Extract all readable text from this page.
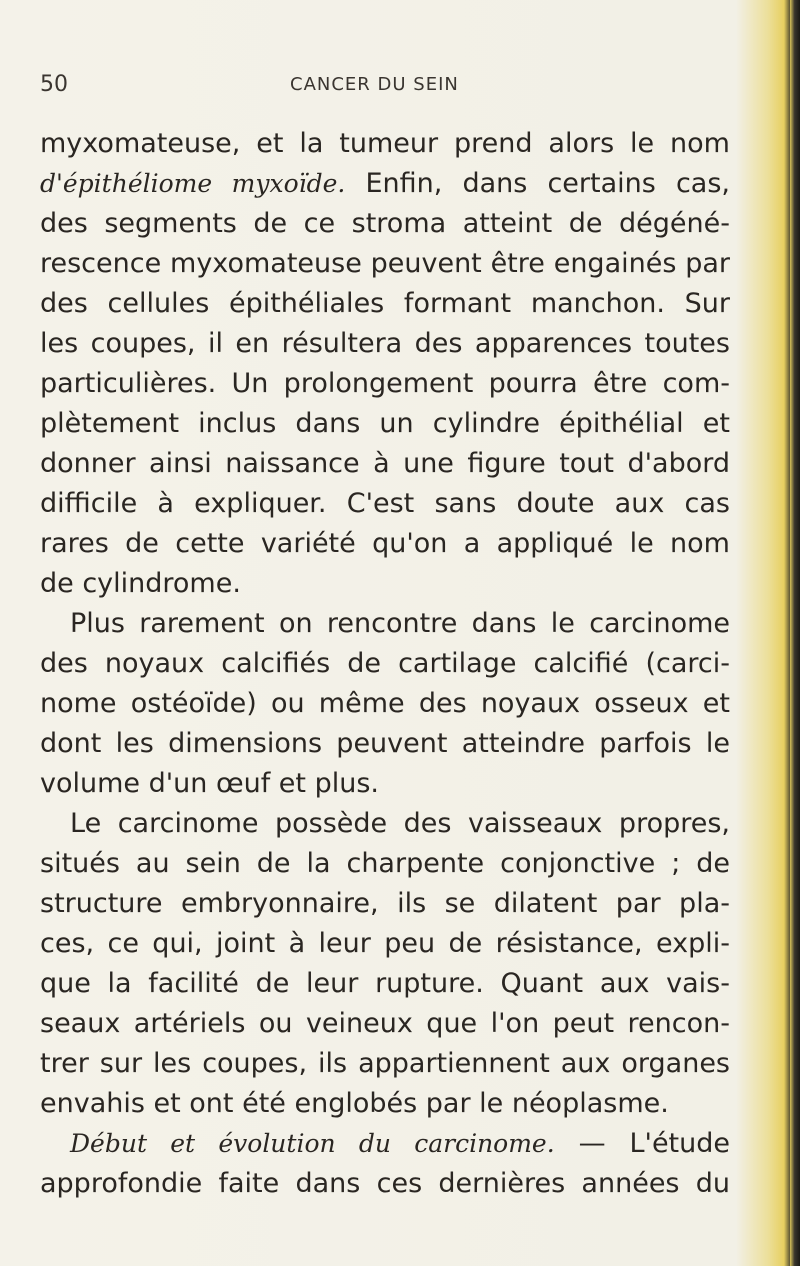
50	CANCER DU SEIN
myxomateuse, et la tumeur prend alors le nom
d'épithéliome myxoïde. Enfin, dans certains cas,
des segments de ce stroma atteint de dégéné-
rescence myxomateuse peuvent être engainés par
des cellules épithéliales formant manchon. Sur
les coupes, il en résultera des apparences toutes
particulières. Un prolongement pourra être com-
plètement inclus dans un cylindre épithélial et
donner ainsi naissance à une figure tout d'abord
difficile à expliquer. C'est sans doute aux cas
rares de cette variété qu'on a appliqué le nom
de cylindrome.
Plus rarement on rencontre dans le carcinome
des noyaux calcifiés de cartilage calcifié (carci-
nome ostéoïde) ou même des noyaux osseux et
dont les dimensions peuvent atteindre parfois le
volume d'un œuf et plus.
Le carcinome possède des vaisseaux propres,
situés au sein de la charpente conjonctive ; de
structure embryonnaire, ils se dilatent par pla-
ces, ce qui, joint à leur peu de résistance, expli-
que la facilité de leur rupture. Quant aux vais-
seaux artériels ou veineux que l'on peut rencon-
trer sur les coupes, ils appartiennent aux organes
envahis et ont été englobés par le néoplasme.
Début et évolution du carcinome. — L'étude
approfondie faite dans ces dernières années du
